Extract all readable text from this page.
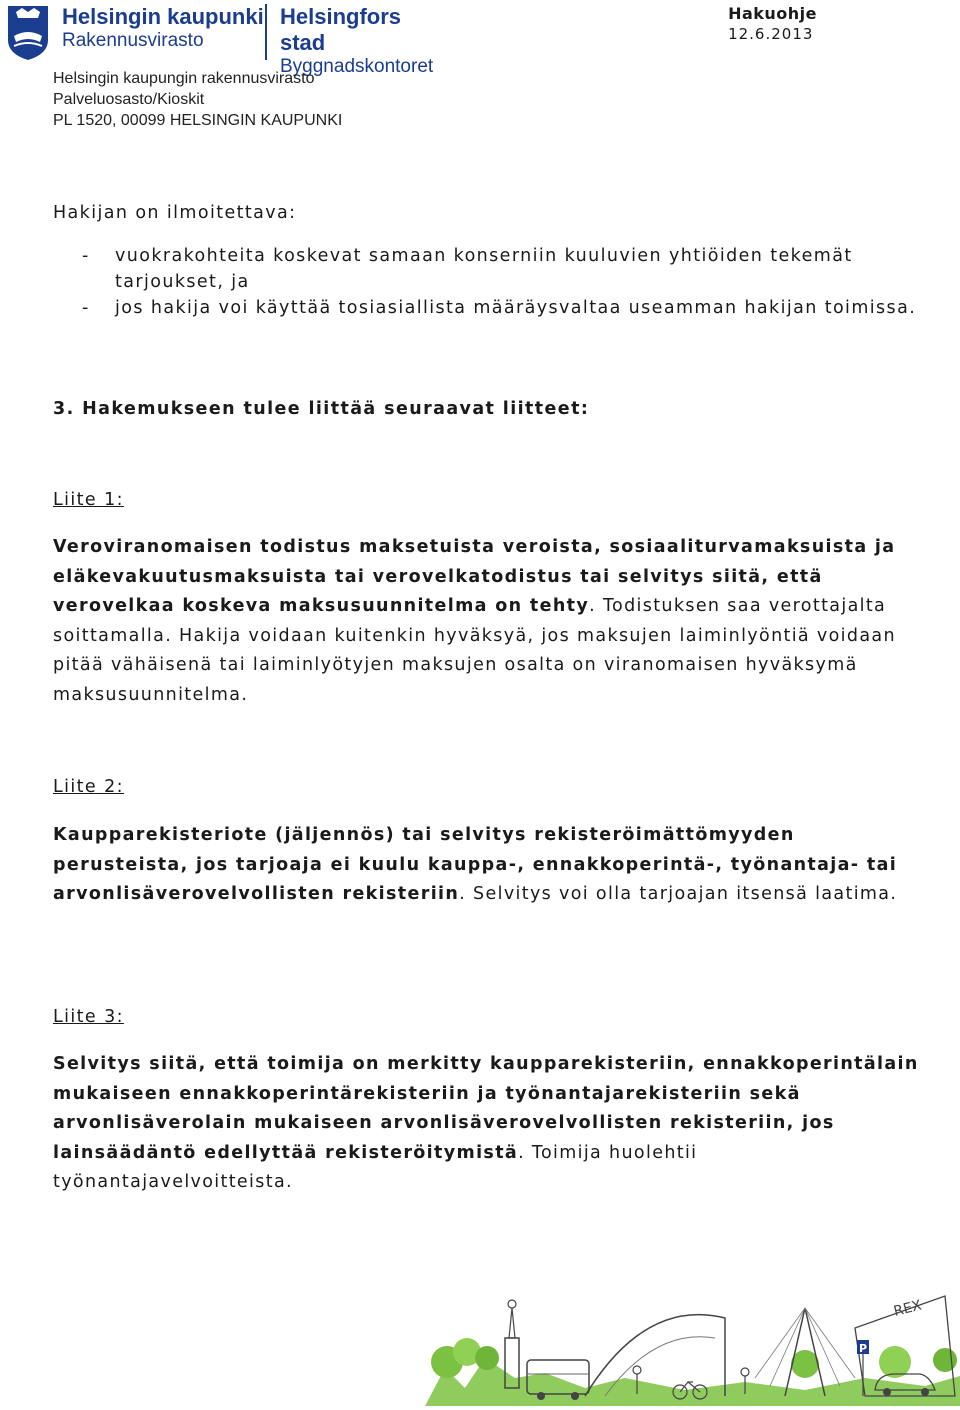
Helsingin kaupunki
Rakennusvirasto
Helsingfors stad
Byggnadskontoret
Hakuohje
12.6.2013
Helsingin kaupungin rakennusvirasto
Palveluosasto/Kioskit
PL 1520, 00099 HELSINGIN KAUPUNKI
Hakijan on ilmoitettava:
- vuokrakohteita koskevat samaan konserniin kuuluvien yhtiöiden tekemät tarjoukset, ja
- jos hakija voi käyttää tosiasiallista määräysvaltaa useamman hakijan toimissa.
3. Hakemukseen tulee liittää seuraavat liitteet:
Liite 1:
Veroviranomaisen todistus maksetuista veroista, sosiaaliturvamaksuista ja eläkevakuutusmaksuista tai verovelkatodistus tai selvitys siitä, että verovelkaa koskeva maksusuunnitelma on tehty. Todistuksen saa verottajalta soittamalla. Hakija voidaan kuitenkin hyväksyä, jos maksujen laiminlyöntiä voidaan pitää vähäisenä tai laiminlyötyjen maksujen osalta on viranomaisen hyväksymä maksusuunnitelma.
Liite 2:
Kaupparekisteriote (jäljennös) tai selvitys rekisteröimättömyyden perusteista, jos tarjoaja ei kuulu kauppa-, ennakkoperintä-, työnantaja- tai arvonlisäverovelvollisten rekisteriin. Selvitys voi olla tarjoajan itsensä laatima.
Liite 3:
Selvitys siitä, että toimija on merkitty kaupparekisteriin, ennakkoperintälain mukaiseen ennakkoperintärekisteriin ja työnantajarekisteriin sekä arvonlisäverolain mukaiseen arvonlisäverovelvollisten rekisteriin, jos lainsäädäntö edellyttää rekisteröitymistä. Toimija huolehtii työnantajavelvoitteista.
REX
P
